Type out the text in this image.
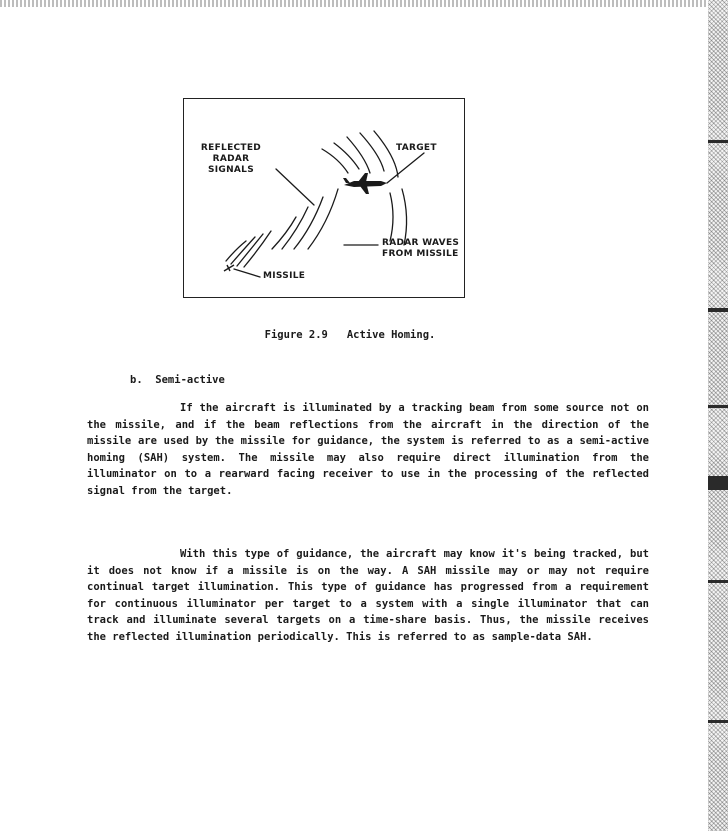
REFLECTED
RADAR
SIGNALS
TARGET
RADAR WAVES
FROM MISSILE
MISSILE
Figure 2.9   Active Homing.
b.  Semi-active

If the aircraft is illuminated by a tracking beam from some source not on the missile, and if the beam reflections from the aircraft in the direction of the missile are used by the missile for guidance, the system is referred to as a semi-active homing (SAH) system. The missile may also require direct illumination from the illuminator on to a rearward facing receiver to use in the processing of the reflected signal from the target.

With this type of guidance, the aircraft may know it's being tracked, but it does not know if a missile is on the way. A SAH missile may or may not require continual target illumination. This type of guidance has progressed from a requirement for continuous illuminator per target to a system with a single illuminator that can track and illuminate several targets on a time-share basis. Thus, the missile receives the reflected illumination periodically. This is referred to as sample-data SAH.
